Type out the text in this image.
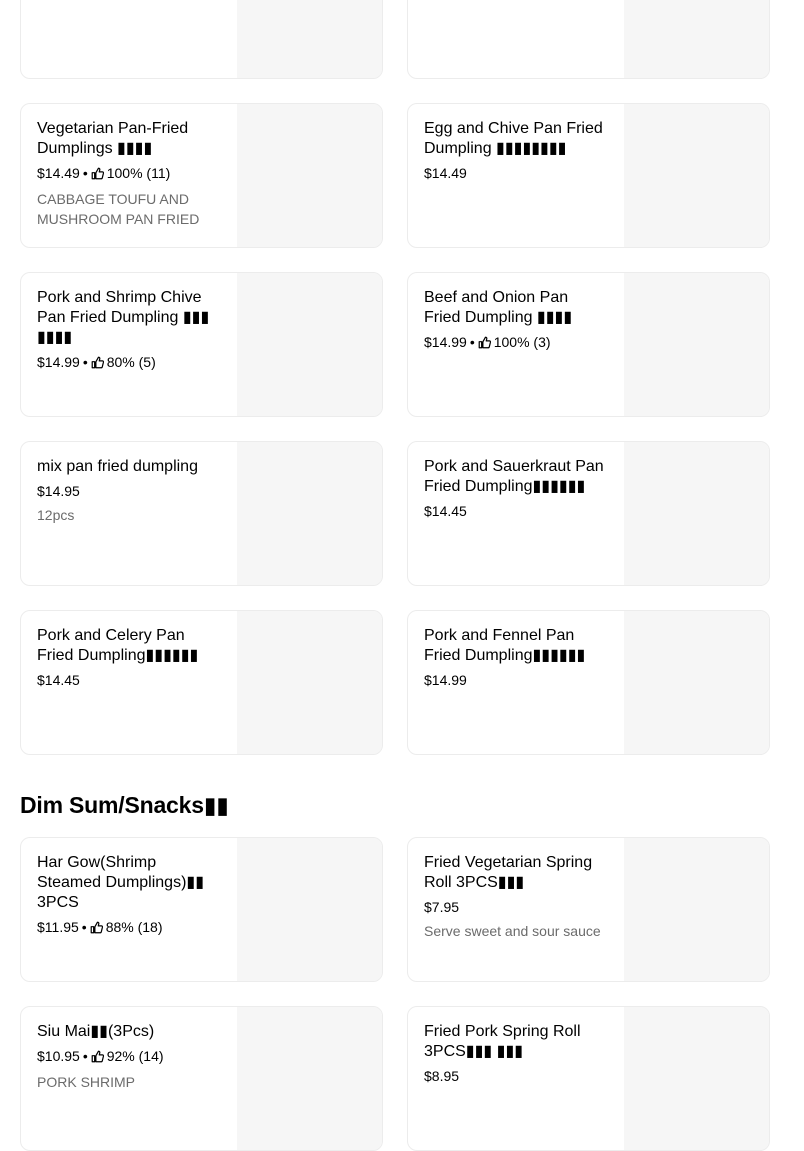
Vegetarian Pan-Fried Dumplings ▮▮▮▮
$14.49 • 100% (11)
CABBAGE TOUFU AND MUSHROOM PAN FRIED
Egg and Chive Pan Fried Dumpling ▮▮▮▮▮▮▮▮
$14.49
Pork and Shrimp Chive Pan Fried Dumpling ▮▮▮ ▮▮▮▮
$14.99 • 80% (5)
Beef and Onion Pan Fried Dumpling ▮▮▮▮
$14.99 • 100% (3)
mix pan fried dumpling
$14.95
12pcs
Pork and Sauerkraut Pan Fried Dumpling▮▮▮▮▮▮
$14.45
Pork and Celery Pan Fried Dumpling▮▮▮▮▮▮
$14.45
Pork and Fennel Pan Fried Dumpling▮▮▮▮▮▮
$14.99
Dim Sum/Snacks▮▮
Har Gow(Shrimp Steamed Dumplings)▮▮ 3PCS
$11.95 • 88% (18)
Fried Vegetarian Spring Roll 3PCS▮▮▮
$7.95
Serve sweet and sour sauce
Siu Mai▮▮(3Pcs)
$10.95 • 92% (14)
PORK SHRIMP
Fried Pork Spring Roll 3PCS▮▮▮ ▮▮▮
$8.95
